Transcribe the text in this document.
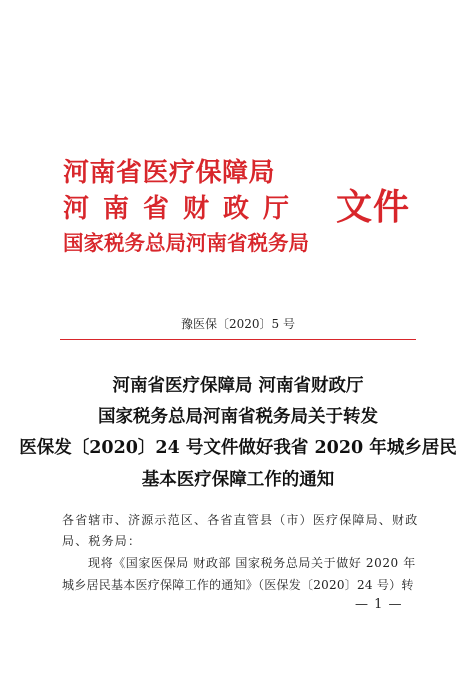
河南省医疗保障局
河南省财政厅
国家税务总局河南省税务局
文件
豫医保〔2020〕5 号
河南省医疗保障局 河南省财政厅
国家税务总局河南省税务局关于转发
医保发〔2020〕24 号文件做好我省 2020 年城乡居民
基本医疗保障工作的通知
各省辖市、济源示范区、各省直管县（市）医疗保障局、财政
局、税务局：
现将《国家医保局 财政部 国家税务总局关于做好 2020 年
城乡居民基本医疗保障工作的通知》（医保发〔2020〕24 号）转
— 1 —
